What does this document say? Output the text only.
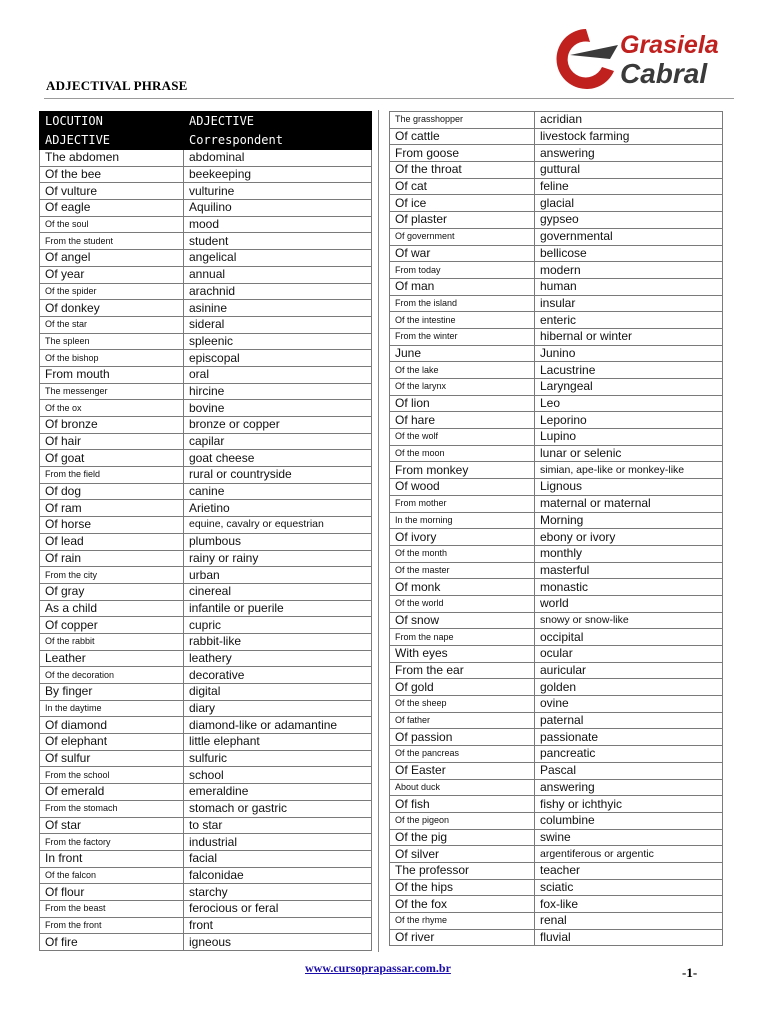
Grasiela
Cabral
ADJECTIVAL PHRASE
LOCUTION	ADJECTIVE
ADJECTIVE	Correspondent
The abdomen	abdominal
Of the bee	beekeeping
Of vulture	vulturine
Of eagle	Aquilino
Of the soul	mood
From the student	student
Of angel	angelical
Of year	annual
Of the spider	arachnid
Of donkey	asinine
Of the star	sideral
The spleen	spleenic
Of the bishop	episcopal
From mouth	oral
The messenger	hircine
Of the ox	bovine
Of bronze	bronze or copper
Of hair	capilar
Of goat	goat cheese
From the field	rural or countryside
Of dog	canine
Of ram	Arietino
Of horse	equine, cavalry or equestrian
Of lead	plumbous
Of rain	rainy or rainy
From the city	urban
Of gray	cinereal
As a child	infantile or puerile
Of copper	cupric
Of the rabbit	rabbit-like
Leather	leathery
Of the decoration	decorative
By finger	digital
In the daytime	diary
Of diamond	diamond-like or adamantine
Of elephant	little elephant
Of sulfur	sulfuric
From the school	school
Of emerald	emeraldine
From the stomach	stomach or gastric
Of star	to star
From the factory	industrial
In front	facial
Of the falcon	falconidae
Of flour	starchy
From the beast	ferocious or feral
From the front	front
Of fire	igneous
The grasshopper	acridian
Of cattle	livestock farming
From goose	answering
Of the throat	guttural
Of cat	feline
Of ice	glacial
Of plaster	gypseo
Of government	governmental
Of war	bellicose
From today	modern
Of man	human
From the island	insular
Of the intestine	enteric
From the winter	hibernal or winter
June	Junino
Of the lake	Lacustrine
Of the larynx	Laryngeal
Of lion	Leo
Of hare	Leporino
Of the wolf	Lupino
Of the moon	lunar or selenic
From monkey	simian, ape-like or monkey-like
Of wood	Lignous
From mother	maternal or maternal
In the morning	Morning
Of ivory	ebony or ivory
Of the month	monthly
Of the master	masterful
Of monk	monastic
Of the world	world
Of snow	snowy or snow-like
From the nape	occipital
With eyes	ocular
From the ear	auricular
Of gold	golden
Of the sheep	ovine
Of father	paternal
Of passion	passionate
Of the pancreas	pancreatic
Of Easter	Pascal
About duck	answering
Of fish	fishy or ichthyic
Of the pigeon	columbine
Of the pig	swine
Of silver	argentiferous or argentic
The professor	teacher
Of the hips	sciatic
Of the fox	fox-like
Of the rhyme	renal
Of river	fluvial
www.cursoprapassar.com.br	-1-
